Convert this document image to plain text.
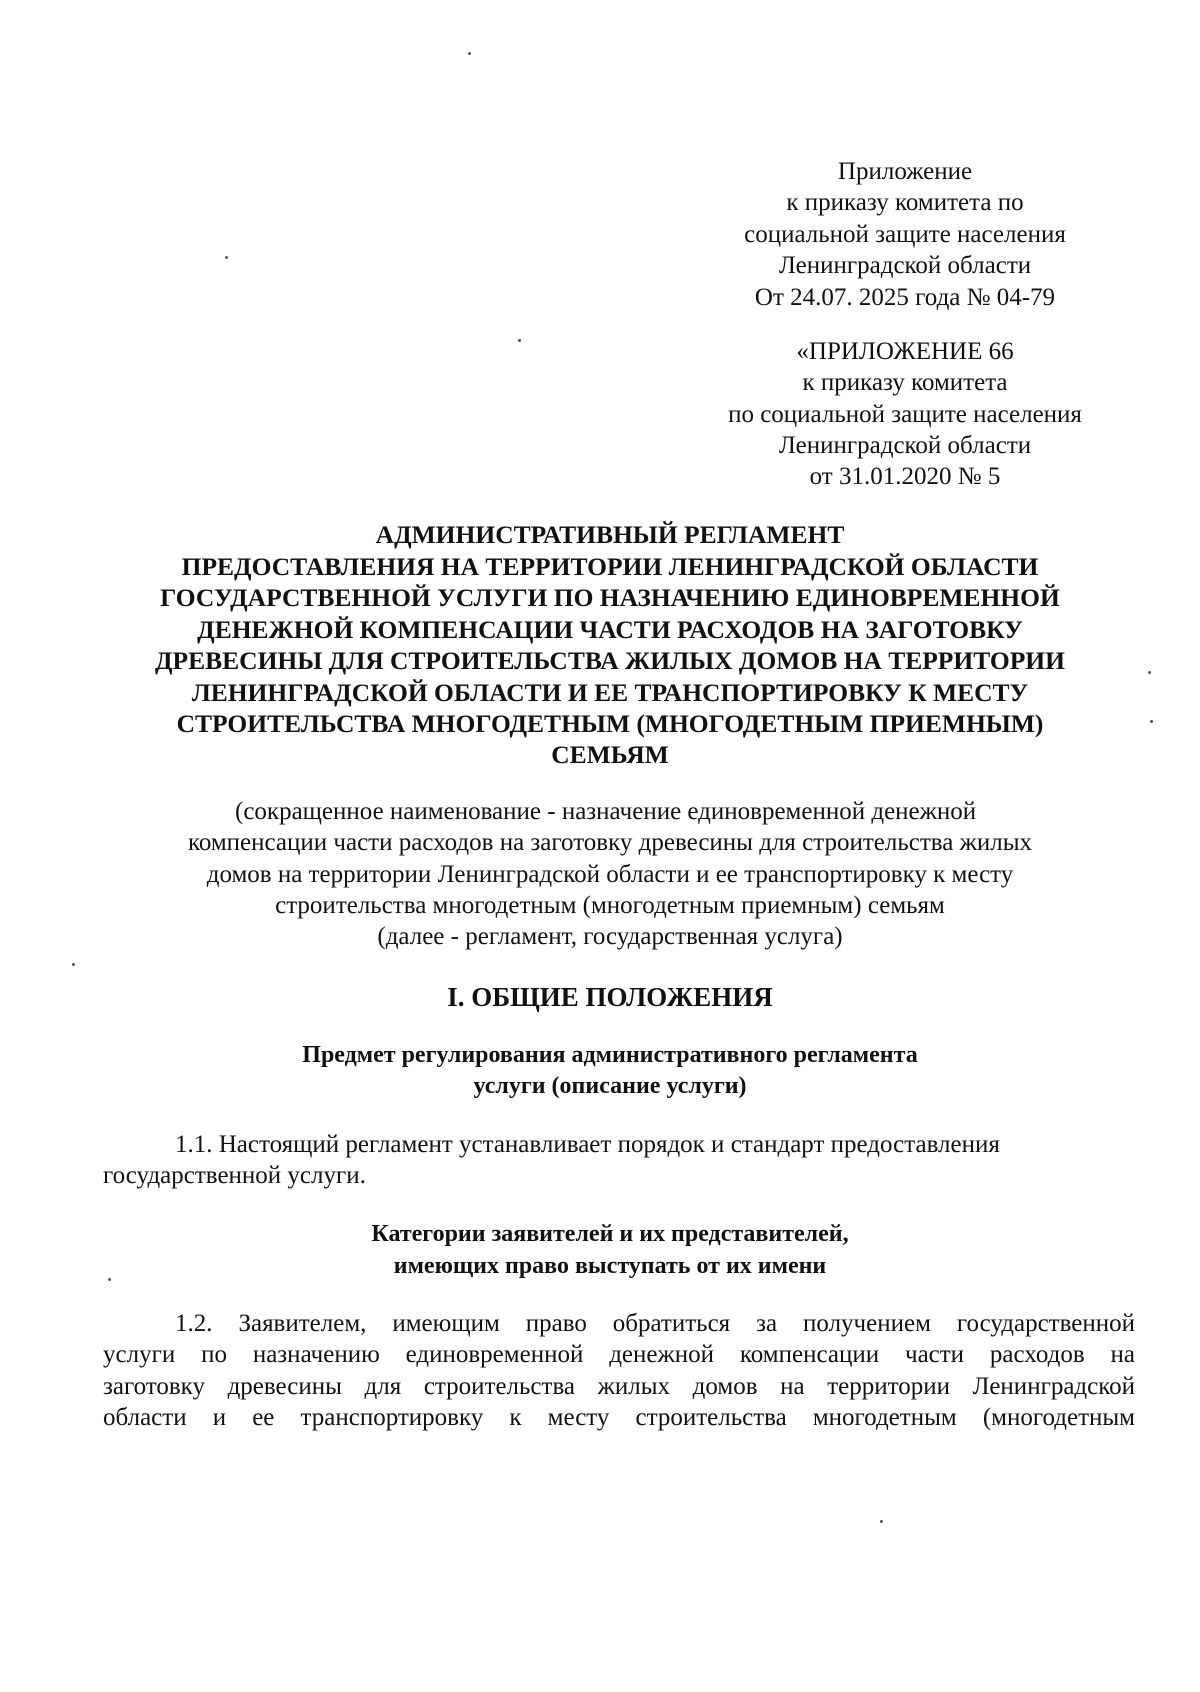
Приложение
к приказу комитета по
социальной защите населения
Ленинградской области
От 24.07. 2025 года № 04-79
«ПРИЛОЖЕНИЕ 66
к приказу комитета
по социальной защите населения
Ленинградской области
от 31.01.2020 № 5
АДМИНИСТРАТИВНЫЙ РЕГЛАМЕНТ
ПРЕДОСТАВЛЕНИЯ НА ТЕРРИТОРИИ ЛЕНИНГРАДСКОЙ ОБЛАСТИ
ГОСУДАРСТВЕННОЙ УСЛУГИ ПО НАЗНАЧЕНИЮ ЕДИНОВРЕМЕННОЙ
ДЕНЕЖНОЙ КОМПЕНСАЦИИ ЧАСТИ РАСХОДОВ НА ЗАГОТОВКУ
ДРЕВЕСИНЫ ДЛЯ СТРОИТЕЛЬСТВА ЖИЛЫХ ДОМОВ НА ТЕРРИТОРИИ
ЛЕНИНГРАДСКОЙ ОБЛАСТИ И ЕЕ ТРАНСПОРТИРОВКУ К МЕСТУ
СТРОИТЕЛЬСТВА МНОГОДЕТНЫМ (МНОГОДЕТНЫМ ПРИЕМНЫМ)
СЕМЬЯМ
(сокращенное наименование - назначение единовременной денежной
компенсации части расходов на заготовку древесины для строительства жилых
домов на территории Ленинградской области и ее транспортировку к месту
строительства многодетным (многодетным приемным) семьям
(далее - регламент, государственная услуга)
I. ОБЩИЕ ПОЛОЖЕНИЯ
Предмет регулирования административного регламента
услуги (описание услуги)
1.1. Настоящий регламент устанавливает порядок и стандарт предоставления
государственной услуги.
Категории заявителей и их представителей,
имеющих право выступать от их имени
1.2. Заявителем, имеющим право обратиться за получением государственной
услуги по назначению единовременной денежной компенсации части расходов на
заготовку древесины для строительства жилых домов на территории Ленинградской
области и ее транспортировку к месту строительства многодетным (многодетным
